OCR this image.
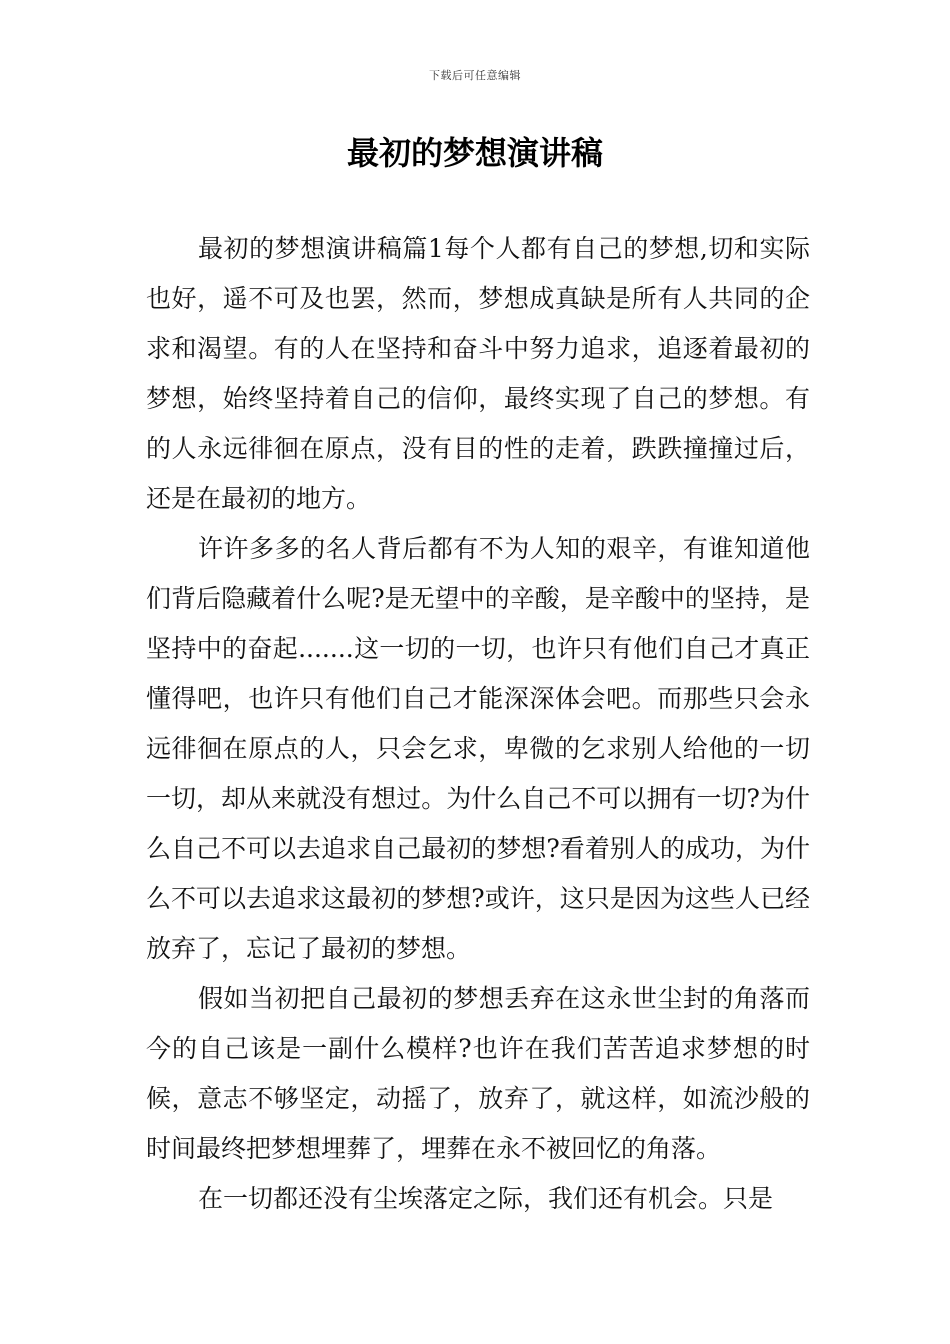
下载后可任意编辑
最初的梦想演讲稿

最初的梦想演讲稿篇1每个人都有自己的梦想,切和实际也好，遥不可及也罢，然而，梦想成真缺是所有人共同的企求和渴望。有的人在坚持和奋斗中努力追求，追逐着最初的梦想，始终坚持着自己的信仰，最终实现了自己的梦想。有的人永远徘徊在原点，没有目的性的走着，跌跌撞撞过后，还是在最初的地方。

许许多多的名人背后都有不为人知的艰辛，有谁知道他们背后隐藏着什么呢?是无望中的辛酸，是辛酸中的坚持，是坚持中的奋起.......这一切的一切，也许只有他们自己才真正懂得吧，也许只有他们自己才能深深体会吧。而那些只会永远徘徊在原点的人，只会乞求，卑微的乞求别人给他的一切一切，却从来就没有想过。为什么自己不可以拥有一切?为什么自己不可以去追求自己最初的梦想?看着别人的成功，为什么不可以去追求这最初的梦想?或许，这只是因为这些人已经放弃了，忘记了最初的梦想。

假如当初把自己最初的梦想丢弃在这永世尘封的角落而今的自己该是一副什么模样?也许在我们苦苦追求梦想的时候，意志不够坚定，动摇了，放弃了，就这样，如流沙般的时间最终把梦想埋葬了，埋葬在永不被回忆的角落。

在一切都还没有尘埃落定之际，我们还有机会。只是
